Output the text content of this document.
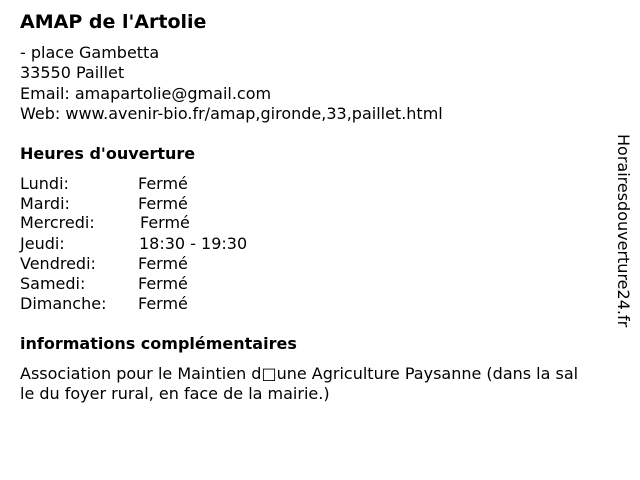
AMAP de l'Artolie
- place Gambetta
33550 Paillet
Email: amapartolie@gmail.com
Web: www.avenir-bio.fr/amap,gironde,33,paillet.html
Heures d'ouverture
Lundi:	Fermé
Mardi:	Fermé
Mercredi:	Fermé
Jeudi:	18:30 - 19:30
Vendredi:	Fermé
Samedi:	Fermé
Dimanche: Fermé
informations complémentaires
Association pour le Maintien d□une Agriculture Paysanne (dans la sal
le du foyer rural, en face de la mairie.)
Horairesdouverture24.fr
